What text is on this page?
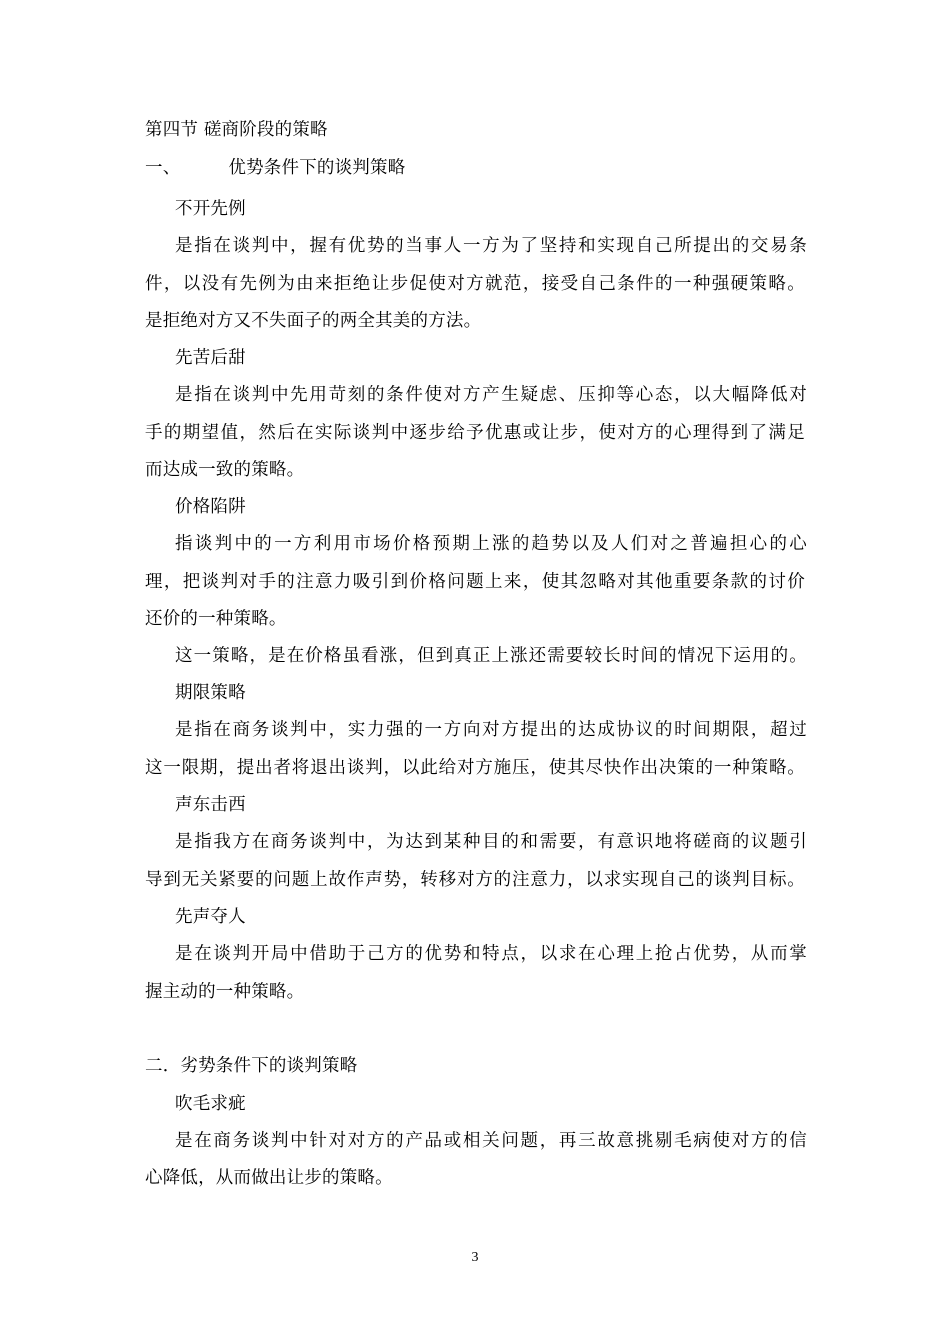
第四节 磋商阶段的策略
一、	优势条件下的谈判策略
不开先例
是指在谈判中，握有优势的当事人一方为了坚持和实现自己所提出的交易条
件，以没有先例为由来拒绝让步促使对方就范，接受自己条件的一种强硬策略。
是拒绝对方又不失面子的两全其美的方法。
先苦后甜
是指在谈判中先用苛刻的条件使对方产生疑虑、压抑等心态，以大幅降低对
手的期望值，然后在实际谈判中逐步给予优惠或让步，使对方的心理得到了满足
而达成一致的策略。
价格陷阱
指谈判中的一方利用市场价格预期上涨的趋势以及人们对之普遍担心的心
理，把谈判对手的注意力吸引到价格问题上来，使其忽略对其他重要条款的讨价
还价的一种策略。
这一策略，是在价格虽看涨，但到真正上涨还需要较长时间的情况下运用的。
期限策略
是指在商务谈判中，实力强的一方向对方提出的达成协议的时间期限，超过
这一限期，提出者将退出谈判，以此给对方施压，使其尽快作出决策的一种策略。
声东击西
是指我方在商务谈判中，为达到某种目的和需要，有意识地将磋商的议题引
导到无关紧要的问题上故作声势，转移对方的注意力，以求实现自己的谈判目标。
先声夺人
是在谈判开局中借助于己方的优势和特点，以求在心理上抢占优势，从而掌
握主动的一种策略。
二．劣势条件下的谈判策略
吹毛求疵
是在商务谈判中针对对方的产品或相关问题，再三故意挑剔毛病使对方的信
心降低，从而做出让步的策略。
3
